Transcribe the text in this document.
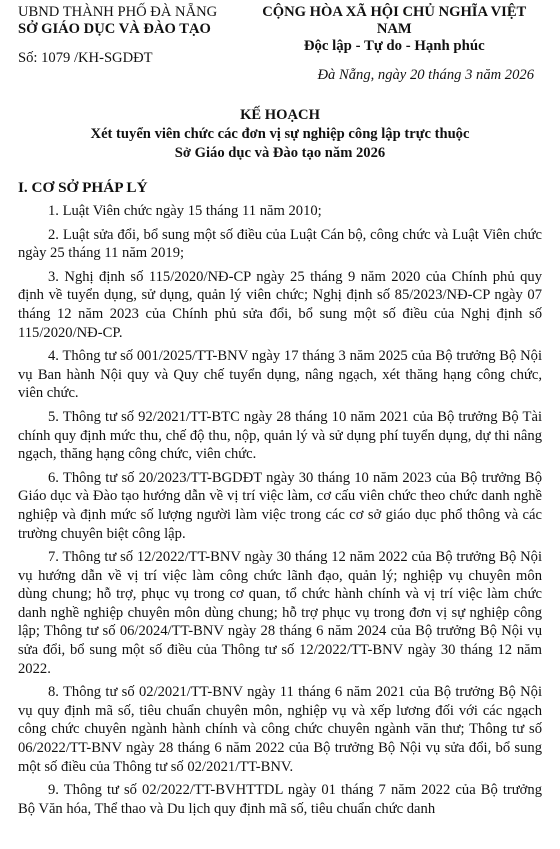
UBND THÀNH PHỐ ĐÀ NẴNG
SỞ GIÁO DỤC VÀ ĐÀO TẠO
Số: 1079 /KH-SGDĐT
CỘNG HÒA XÃ HỘI CHỦ NGHĨA VIỆT NAM
Độc lập - Tự do - Hạnh phúc
Đà Nẵng, ngày 20 tháng 3 năm 2026
KẾ HOẠCH
Xét tuyển viên chức các đơn vị sự nghiệp công lập trực thuộc
Sở Giáo dục và Đào tạo năm 2026
I. CƠ SỞ PHÁP LÝ

1. Luật Viên chức ngày 15 tháng 11 năm 2010;

2. Luật sửa đổi, bổ sung một số điều của Luật Cán bộ, công chức và Luật Viên chức ngày 25 tháng 11 năm 2019;

3. Nghị định số 115/2020/NĐ-CP ngày 25 tháng 9 năm 2020 của Chính phủ quy định về tuyển dụng, sử dụng, quản lý viên chức; Nghị định số 85/2023/NĐ-CP ngày 07 tháng 12 năm 2023 của Chính phủ sửa đổi, bổ sung một số điều của Nghị định số 115/2020/NĐ-CP.

4. Thông tư số 001/2025/TT-BNV ngày 17 tháng 3 năm 2025 của Bộ trưởng Bộ Nội vụ Ban hành Nội quy và Quy chế tuyển dụng, nâng ngạch, xét thăng hạng công chức, viên chức.

5. Thông tư số 92/2021/TT-BTC ngày 28 tháng 10 năm 2021 của Bộ trưởng Bộ Tài chính quy định mức thu, chế độ thu, nộp, quản lý và sử dụng phí tuyển dụng, dự thi nâng ngạch, thăng hạng công chức, viên chức.

6. Thông tư số 20/2023/TT-BGDĐT ngày 30 tháng 10 năm 2023 của Bộ trưởng Bộ Giáo dục và Đào tạo hướng dẫn về vị trí việc làm, cơ cấu viên chức theo chức danh nghề nghiệp và định mức số lượng người làm việc trong các cơ sở giáo dục phổ thông và các trường chuyên biệt công lập.

7. Thông tư số 12/2022/TT-BNV ngày 30 tháng 12 năm 2022 của Bộ trưởng Bộ Nội vụ hướng dẫn về vị trí việc làm công chức lãnh đạo, quản lý; nghiệp vụ chuyên môn dùng chung; hỗ trợ, phục vụ trong cơ quan, tổ chức hành chính và vị trí việc làm chức danh nghề nghiệp chuyên môn dùng chung; hỗ trợ phục vụ trong đơn vị sự nghiệp công lập; Thông tư số 06/2024/TT-BNV ngày 28 tháng 6 năm 2024 của Bộ trưởng Bộ Nội vụ sửa đổi, bổ sung một số điều của Thông tư số 12/2022/TT-BNV ngày 30 tháng 12 năm 2022.

8. Thông tư số 02/2021/TT-BNV ngày 11 tháng 6 năm 2021 của Bộ trưởng Bộ Nội vụ quy định mã số, tiêu chuẩn chuyên môn, nghiệp vụ và xếp lương đối với các ngạch công chức chuyên ngành hành chính và công chức chuyên ngành văn thư; Thông tư số 06/2022/TT-BNV ngày 28 tháng 6 năm 2022 của Bộ trưởng Bộ Nội vụ sửa đổi, bổ sung một số điều của Thông tư số 02/2021/TT-BNV.

9. Thông tư số 02/2022/TT-BVHTTDL ngày 01 tháng 7 năm 2022 của Bộ trưởng Bộ Văn hóa, Thể thao và Du lịch quy định mã số, tiêu chuẩn chức danh
